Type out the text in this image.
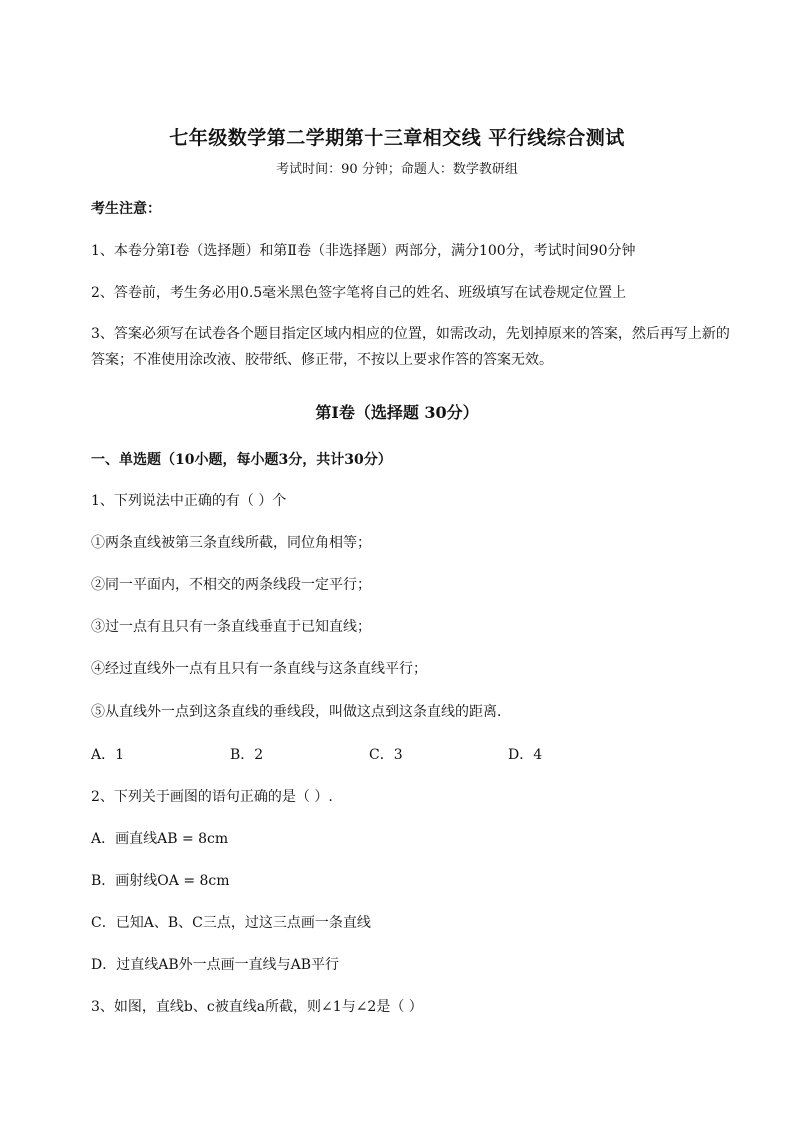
七年级数学第二学期第十三章相交线 平行线综合测试
考试时间：90 分钟；命题人：数学教研组
考生注意：
1、本卷分第Ⅰ卷（选择题）和第Ⅱ卷（非选择题）两部分，满分100分，考试时间90分钟
2、答卷前，考生务必用0.5毫米黑色签字笔将自己的姓名、班级填写在试卷规定位置上
3、答案必须写在试卷各个题目指定区域内相应的位置，如需改动，先划掉原来的答案，然后再写上新的答案；不准使用涂改液、胶带纸、修正带，不按以上要求作答的答案无效。
第Ⅰ卷（选择题 30分）
一、单选题（10小题，每小题3分，共计30分）
1、下列说法中正确的有（ ）个
①两条直线被第三条直线所截，同位角相等；
②同一平面内，不相交的两条线段一定平行；
③过一点有且只有一条直线垂直于已知直线；
④经过直线外一点有且只有一条直线与这条直线平行；
⑤从直线外一点到这条直线的垂线段，叫做这点到这条直线的距离．
A．1	B．2	C．3	D．4
2、下列关于画图的语句正确的是（ ）.
A．画直线AB = 8cm
B．画射线OA = 8cm
C．已知A、B、C三点，过这三点画一条直线
D．过直线AB外一点画一直线与AB平行
3、如图，直线b、c被直线a所截，则∠1与∠2是（ ）
